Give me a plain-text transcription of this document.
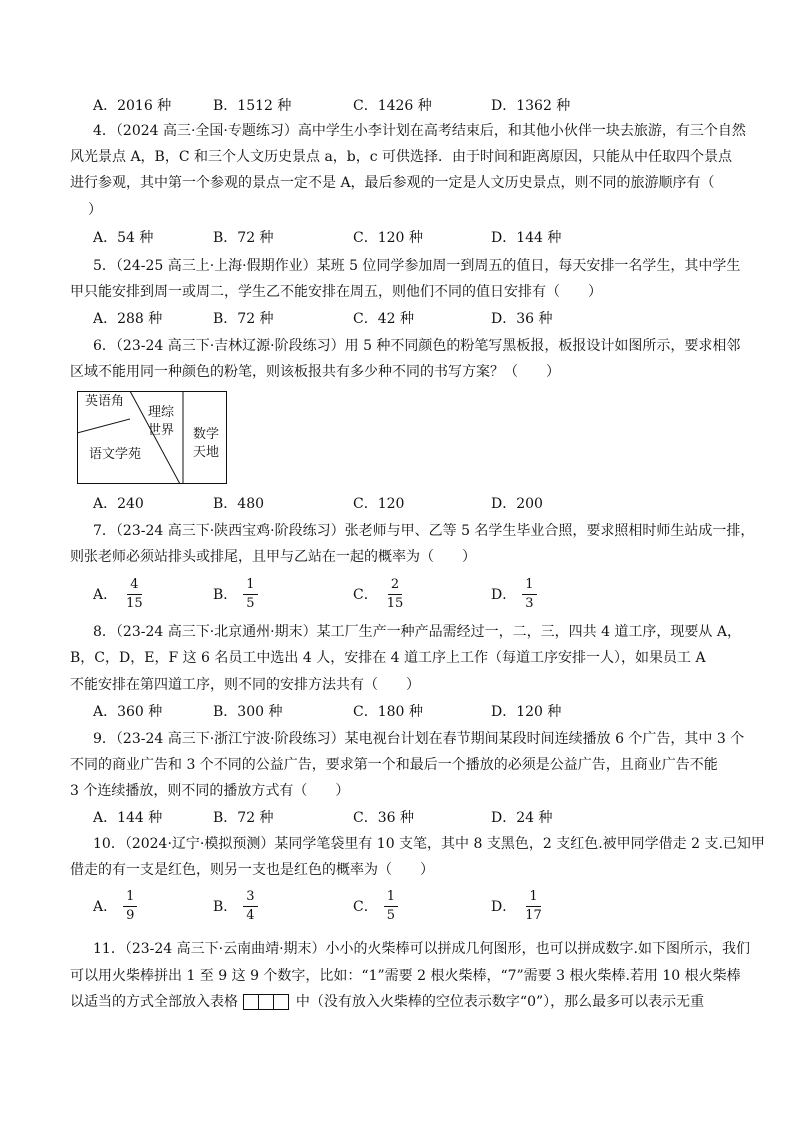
A．2016 种	B．1512 种	C．1426 种	D．1362 种
4．（2024 高三·全国·专题练习）高中学生小李计划在高考结束后，和其他小伙伴一块去旅游，有三个自然
风光景点 A，B，C 和三个人文历史景点 a，b，c 可供选择．由于时间和距离原因，只能从中任取四个景点
进行参观，其中第一个参观的景点一定不是 A，最后参观的一定是人文历史景点，则不同的旅游顺序有（
）
A．54 种	B．72 种	C．120 种	D．144 种
5．（24-25 高三上·上海·假期作业）某班 5 位同学参加周一到周五的值日，每天安排一名学生，其中学生
甲只能安排到周一或周二，学生乙不能安排在周五，则他们不同的值日安排有（　　）
A．288 种	B．72 种	C．42 种	D．36 种
6．（23-24 高三下·吉林辽源·阶段练习）用 5 种不同颜色的粉笔写黑板报，板报设计如图所示，要求相邻
区域不能用同一种颜色的粉笔，则该板报共有多少种不同的书写方案？（　　）
英语角
理综
世界
语文学苑
数学
天地
A．240	B．480	C．120	D．200
7．（23-24 高三下·陕西宝鸡·阶段练习）张老师与甲、乙等 5 名学生毕业合照，要求照相时师生站成一排，
则张老师必须站排头或排尾，且甲与乙站在一起的概率为（　　）
A． $\frac{4}{15}$	B． $\frac{1}{5}$	C． $\frac{2}{15}$	D． $\frac{1}{3}$
8．（23-24 高三下·北京通州·期末）某工厂生产一种产品需经过一，二，三，四共 4 道工序，现要从 A，
B，C，D，E，F 这 6 名员工中选出 4 人，安排在 4 道工序上工作（每道工序安排一人），如果员工 A
不能安排在第四道工序，则不同的安排方法共有（　　）
A．360 种	B．300 种	C．180 种	D．120 种
9．（23-24 高三下·浙江宁波·阶段练习）某电视台计划在春节期间某段时间连续播放 6 个广告，其中 3 个
不同的商业广告和 3 个不同的公益广告，要求第一个和最后一个播放的必须是公益广告，且商业广告不能
3 个连续播放，则不同的播放方式有（　　）
A．144 种	B．72 种	C．36 种	D．24 种
10．（2024·辽宁·模拟预测）某同学笔袋里有 10 支笔，其中 8 支黑色，2 支红色.被甲同学借走 2 支.已知甲
借走的有一支是红色，则另一支也是红色的概率为（　　）
A． $\frac{1}{9}$	B． $\frac{3}{4}$	C． $\frac{1}{5}$	D． $\frac{1}{17}$
11．（23-24 高三下·云南曲靖·期末）小小的火柴棒可以拼成几何图形，也可以拼成数字.如下图所示，我们
可以用火柴棒拼出 1 至 9 这 9 个数字，比如：“1”需要 2 根火柴棒，“7”需要 3 根火柴棒.若用 10 根火柴棒
以适当的方式全部放入表格	中（没有放入火柴棒的空位表示数字“0”），那么最多可以表示无重
